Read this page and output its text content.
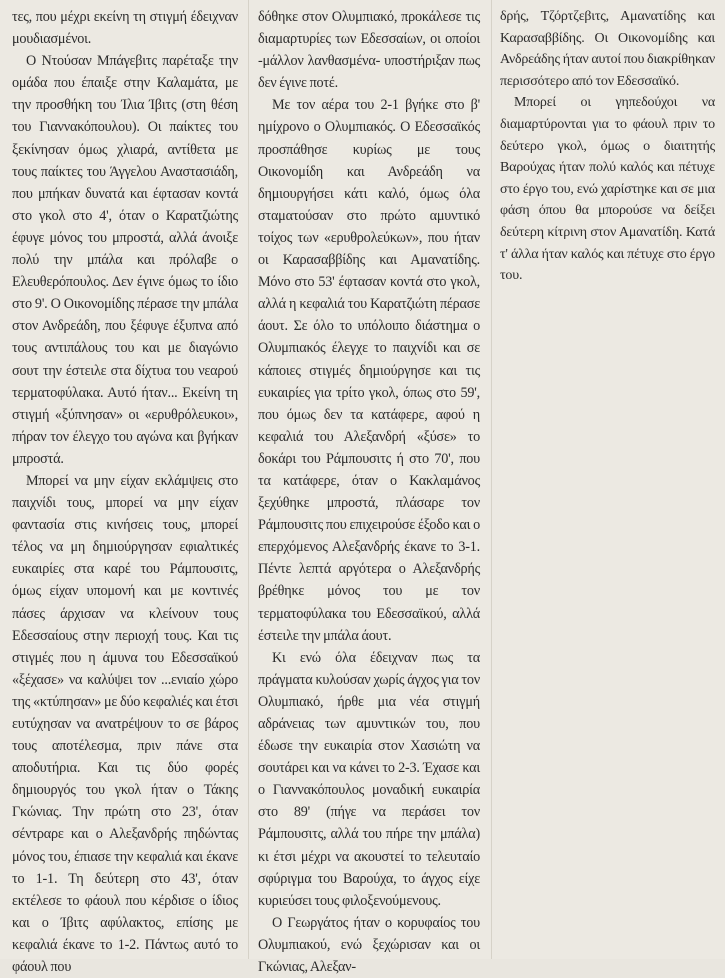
τες, που μέχρι εκείνη τη στιγμή έδειχναν μουδιασμένοι.

Ο Ντούσαν Μπάγεβιτς παρέταξε την ομάδα που έπαιξε στην Καλαμάτα, με την προσθήκη του Ίλια Ίβιτς (στη θέση του Γιαννακόπουλου). Οι παίκτες του ξεκίνησαν όμως χλιαρά, αντίθετα με τους παίκτες του Άγγελου Αναστασιάδη, που μπήκαν δυνατά και έφτασαν κοντά στο γκολ στο 4', όταν ο Καρατζιώτης έφυγε μόνος του μπροστά, αλλά άνοιξε πολύ την μπάλα και πρόλαβε ο Ελευθερόπουλος. Δεν έγινε όμως το ίδιο στο 9'. Ο Οικονομίδης πέρασε την μπάλα στον Ανδρεάδη, που ξέφυγε έξυπνα από τους αντιπάλους του και με διαγώνιο σουτ την έστειλε στα δίχτυα του νεαρού τερματοφύλακα. Αυτό ήταν... Εκείνη τη στιγμή «ξύπνησαν» οι «ερυθρόλευκοι», πήραν τον έλεγχο του αγώνα και βγήκαν μπροστά.

Μπορεί να μην είχαν εκλάμψεις στο παιχνίδι τους, μπορεί να μην είχαν φαντασία στις κινήσεις τους, μπορεί τέλος να μη δημιούργησαν εφιαλτικές ευκαιρίες στα καρέ του Ράμπουσιτς, όμως είχαν υπομονή και με κοντινές πάσες άρχισαν να κλείνουν τους Εδεσσαίους στην περιοχή τους. Και τις στιγμές που η άμυνα του Εδεσσαϊκού «ξέχασε» να καλύψει τον ...ενιαίο χώρο της «κτύπησαν» με δύο κεφαλιές και έτσι ευτύχησαν να ανατρέψουν το σε βάρος τους αποτέλεσμα, πριν πάνε στα αποδυτήρια. Και τις δύο φορές δημιουργός του γκολ ήταν ο Τάκης Γκώνιας. Την πρώτη στο 23', όταν σέντραρε και ο Αλεξανδρής πηδώντας μόνος του, έπιασε την κεφαλιά και έκανε το 1-1. Τη δεύτερη στο 43', όταν εκτέλεσε το φάουλ που κέρδισε ο ίδιος και ο Ίβιτς αφύλακτος, επίσης με κεφαλιά έκανε το 1-2. Πάντως αυτό το φάουλ που

δόθηκε στον Ολυμπιακό, προκάλεσε τις διαμαρτυρίες των Εδεσσαίων, οι οποίοι -μάλλον λανθασμένα- υποστήριξαν πως δεν έγινε ποτέ.

Με τον αέρα του 2-1 βγήκε στο β' ημίχρονο ο Ολυμπιακός. Ο Εδεσσαϊκός προσπάθησε κυρίως με τους Οικονομίδη και Ανδρεάδη να δημιουργήσει κάτι καλό, όμως όλα σταματούσαν στο πρώτο αμυντικό τοίχος των «ερυθρολεύκων», που ήταν οι Καρασαββίδης και Αμανατίδης. Μόνο στο 53' έφτασαν κοντά στο γκολ, αλλά η κεφαλιά του Καρατζιώτη πέρασε άουτ. Σε όλο το υπόλοιπο διάστημα ο Ολυμπιακός έλεγχε το παιχνίδι και σε κάποιες στιγμές δημιούργησε και τις ευκαιρίες για τρίτο γκολ, όπως στο 59', που όμως δεν τα κατάφερε, αφού η κεφαλιά του Αλεξανδρή «ξύσε» το δοκάρι του Ράμπουσιτς ή στο 70', που τα κατάφερε, όταν ο Κακλαμάνος ξεχύθηκε μπροστά, πλάσαρε τον Ράμπουσιτς που επιχειρούσε έξοδο και ο επερχόμενος Αλεξανδρής έκανε το 3-1. Πέντε λεπτά αργότερα ο Αλεξανδρής βρέθηκε μόνος του με τον τερματοφύλακα του Εδεσσαϊκού, αλλά έστειλε την μπάλα άουτ.

Κι ενώ όλα έδειχναν πως τα πράγματα κυλούσαν χωρίς άγχος για τον Ολυμπιακό, ήρθε μια νέα στιγμή αδράνειας των αμυντικών του, που έδωσε την ευκαιρία στον Χασιώτη να σουτάρει και να κάνει το 2-3. Έχασε και ο Γιαννακόπουλος μοναδική ευκαιρία στο 89' (πήγε να περάσει τον Ράμπουσιτς, αλλά του πήρε την μπάλα) κι έτσι μέχρι να ακουστεί το τελευταίο σφύριγμα του Βαρούχα, το άγχος είχε κυριεύσει τους φιλοξενούμενους.

Ο Γεωργάτος ήταν ο κορυφαίος του Ολυμπιακού, ενώ ξεχώρισαν και οι Γκώνιας, Αλεξαν-

δρής, Τζόρτζεβιτς, Αμανατίδης και Καρασαββίδης. Οι Οικονομίδης και Ανδρεάδης ήταν αυτοί που διακρίθηκαν περισσότερο από τον Εδεσσαϊκό.

Μπορεί οι γηπεδούχοι να διαμαρτύρονται για το φάουλ πριν το δεύτερο γκολ, όμως ο διαιτητής Βαρούχας ήταν πολύ καλός και πέτυχε στο έργο του, ενώ χαρίστηκε και σε μια φάση όπου θα μπορούσε να δείξει δεύτερη κίτρινη στον Αμανατίδη. Κατά τ' άλλα ήταν καλός και πέτυχε στο έργο του.
